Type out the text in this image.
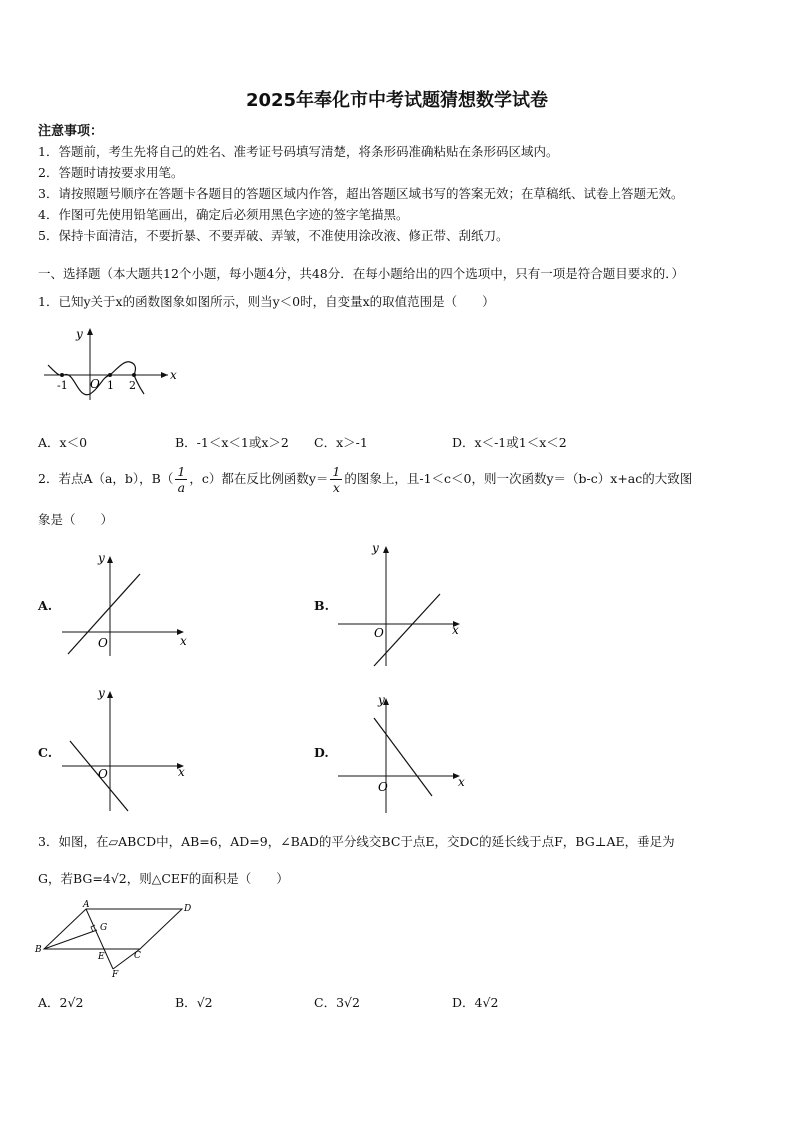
2025年奉化市中考试题猜想数学试卷
注意事项：
1．答题前，考生先将自己的姓名、准考证号码填写清楚，将条形码准确粘贴在条形码区域内。
2．答题时请按要求用笔。
3．请按照题号顺序在答题卡各题目的答题区域内作答，超出答题区域书写的答案无效；在草稿纸、试卷上答题无效。
4．作图可先使用铅笔画出，确定后必须用黑色字迹的签字笔描黑。
5．保持卡面清洁，不要折暴、不要弄破、弄皱，不准使用涂改液、修正带、刮纸刀。
一、选择题（本大题共12个小题，每小题4分，共48分．在每小题给出的四个选项中，只有一项是符合题目要求的．）
1．已知y关于x的函数图象如图所示，则当y＜0时，自变量x的取值范围是（　　）
y
x
O
-1	1 2
A．x＜0	B．-1＜x＜1或x＞2 C．x＞-1	D．x＜-1或1＜x＜2
2．若点A（a，b），$B( \frac{1}{a}$ ，c）都在反比例函数$y= \frac{1}{x}$ 的图象上，且-1＜c＜0，则一次函数y＝（b-c）x+ac的大致图
象是（　　）
A.
y
x
O
B.
y
x
O
C.
y
x
O
D.
y
x
O
3．如图，在▱ABCD中，AB=6，AD=9，∠BAD的平分线交BC于点E，交DC的延长线于点F，BG⊥AE，垂足为
G，若BG=4√2，则△CEF的面积是（　　）
A	D
B
C
E
F
G
A．2√2	B．√2	C．3√2	D．4√2
